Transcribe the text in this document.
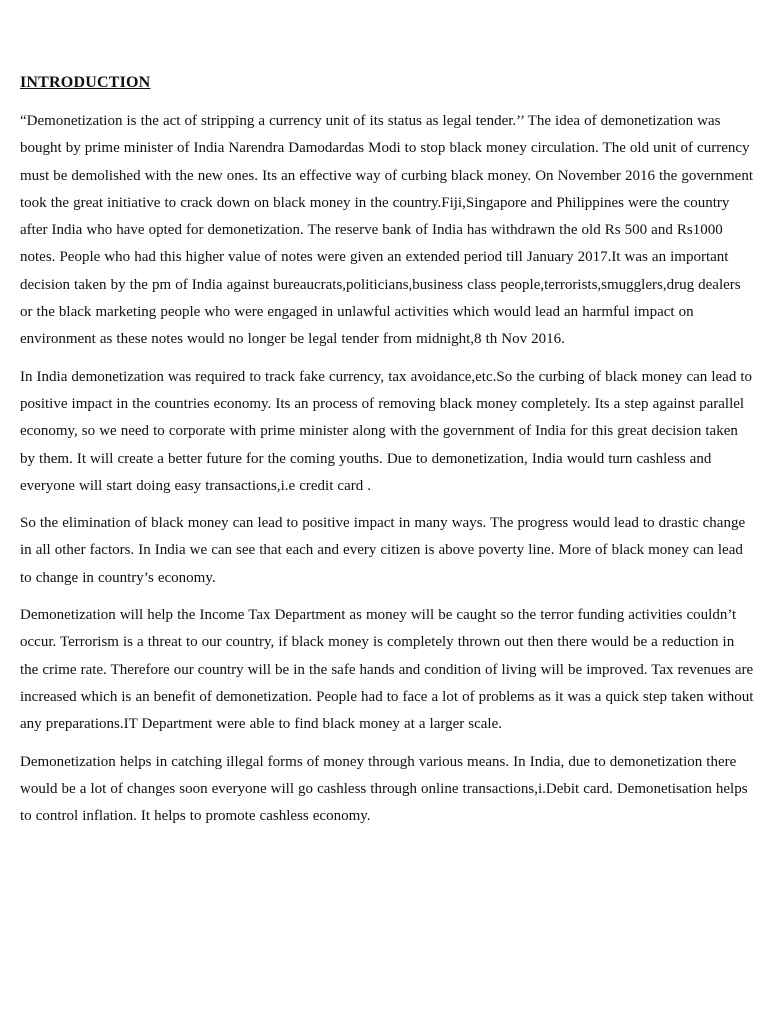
INTRODUCTION

“Demonetization is the act of stripping a currency unit of its status as legal tender.’’ The idea of demonetization was bought by prime minister of India Narendra Damodardas Modi to stop black money circulation. The old unit of currency must be demolished with the new ones. Its an effective way of curbing black money. On November 2016 the government took the great initiative to crack down on black money in the country.Fiji,Singapore and Philippines were the country after India who have opted for demonetization. The reserve bank of India has withdrawn the old Rs 500 and Rs1000 notes. People who had this higher value of notes were given an extended period till January 2017.It was an important decision taken by the pm of India against bureaucrats,politicians,business class people,terrorists,smugglers,drug dealers or the black marketing people who were engaged in unlawful activities which would lead an harmful impact on environment as these notes would no longer be legal tender from midnight,8 th Nov 2016.

In India demonetization was required to track fake currency, tax avoidance,etc.So the curbing of black money can lead to positive impact in the countries economy. Its an process of removing black money completely. Its a step against parallel economy, so we need to corporate with prime minister along with the government of India for this great decision taken by them. It will create a better future for the coming youths. Due to demonetization, India would turn cashless and everyone will start doing easy transactions,i.e credit card .

So the elimination of black money can lead to positive impact in many ways. The progress would lead to drastic change in all other factors. In India we can see that each and every citizen is above poverty line. More of black money can lead to change in country’s economy.

Demonetization will help the Income Tax Department as money will be caught so the terror funding activities couldn’t occur. Terrorism is a threat to our country, if black money is completely thrown out then there would be a reduction in the crime rate. Therefore our country will be in the safe hands and condition of living will be improved. Tax revenues are increased which is an benefit of demonetization. People had to face a lot of problems as it was a quick step taken without any preparations.IT Department were able to find black money at a larger scale.

Demonetization helps in catching illegal forms of money through various means. In India, due to demonetization there would be a lot of changes soon everyone will go cashless through online transactions,i.Debit card. Demonetisation helps to control inflation. It helps to promote cashless economy.
